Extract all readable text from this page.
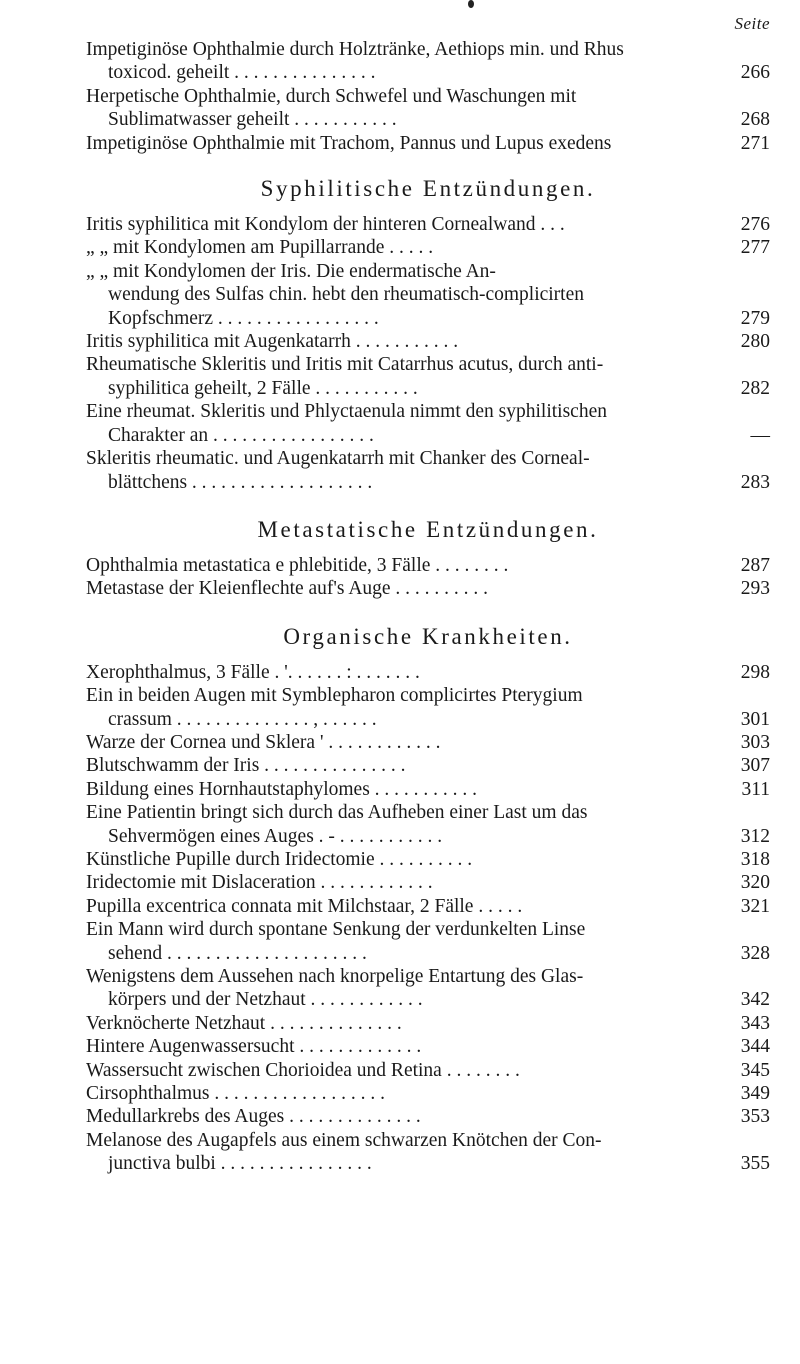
Seite
Impetiginöse Ophthalmie durch Holztränke, Aethiops min. und Rhus
toxicod. geheilt . . . . . . . . . . . . . . .	266
Herpetische Ophthalmie, durch Schwefel und Waschungen mit
Sublimatwasser geheilt . . . . . . . . . . .	268
Impetiginöse Ophthalmie mit Trachom, Pannus und Lupus exedens	271
Syphilitische Entzündungen.
Iritis syphilitica mit Kondylom der hinteren Cornealwand . . .	276
„ „ mit Kondylomen am Pupillarrande . . . . .	277
„ „ mit Kondylomen der Iris. Die endermatische An-
wendung des Sulfas chin. hebt den rheumatisch-complicirten
Kopfschmerz . . . . . . . . . . . . . . . . .	279
Iritis syphilitica mit Augenkatarrh . . . . . . . . . . .	280
Rheumatische Skleritis und Iritis mit Catarrhus acutus, durch anti-
syphilitica geheilt, 2 Fälle . . . . . . . . . . .	282
Eine rheumat. Skleritis und Phlyctaenula nimmt den syphilitischen
Charakter an . . . . . . . . . . . . . . . . .	—
Skleritis rheumatic. und Augenkatarrh mit Chanker des Corneal-
blättchens . . . . . . . . . . . . . . . . . . .	283
Metastatische Entzündungen.
Ophthalmia metastatica e phlebitide, 3 Fälle . . . . . . . .	287
Metastase der Kleienflechte auf's Auge . . . . . . . . . .	293
Organische Krankheiten.
Xerophthalmus, 3 Fälle . '. . . . . . : . . . . . . .	298
Ein in beiden Augen mit Symblepharon complicirtes Pterygium
crassum . . . . . . . . . . . . . . , . . . . . .	301
Warze der Cornea und Sklera ' . . . . . . . . . . . .	303
Blutschwamm der Iris . . . . . . . . . . . . . . .	307
Bildung eines Hornhautstaphylomes . . . . . . . . . . .	311
Eine Patientin bringt sich durch das Aufheben einer Last um das
Sehvermögen eines Auges . - . . . . . . . . . . .	312
Künstliche Pupille durch Iridectomie . . . . . . . . . .	318
Iridectomie mit Dislaceration . . . . . . . . . . . .	320
Pupilla excentrica connata mit Milchstaar, 2 Fälle . . . . .	321
Ein Mann wird durch spontane Senkung der verdunkelten Linse
sehend . . . . . . . . . . . . . . . . . . . . .	328
Wenigstens dem Aussehen nach knorpelige Entartung des Glas-
körpers und der Netzhaut . . . . . . . . . . . .	342
Verknöcherte Netzhaut . . . . . . . . . . . . . .	343
Hintere Augenwassersucht . . . . . . . . . . . . .	344
Wassersucht zwischen Chorioidea und Retina . . . . . . . .	345
Cirsophthalmus . . . . . . . . . . . . . . . . . .	349
Medullarkrebs des Auges . . . . . . . . . . . . . .	353
Melanose des Augapfels aus einem schwarzen Knötchen der Con-
junctiva bulbi . . . . . . . . . . . . . . . .	355
